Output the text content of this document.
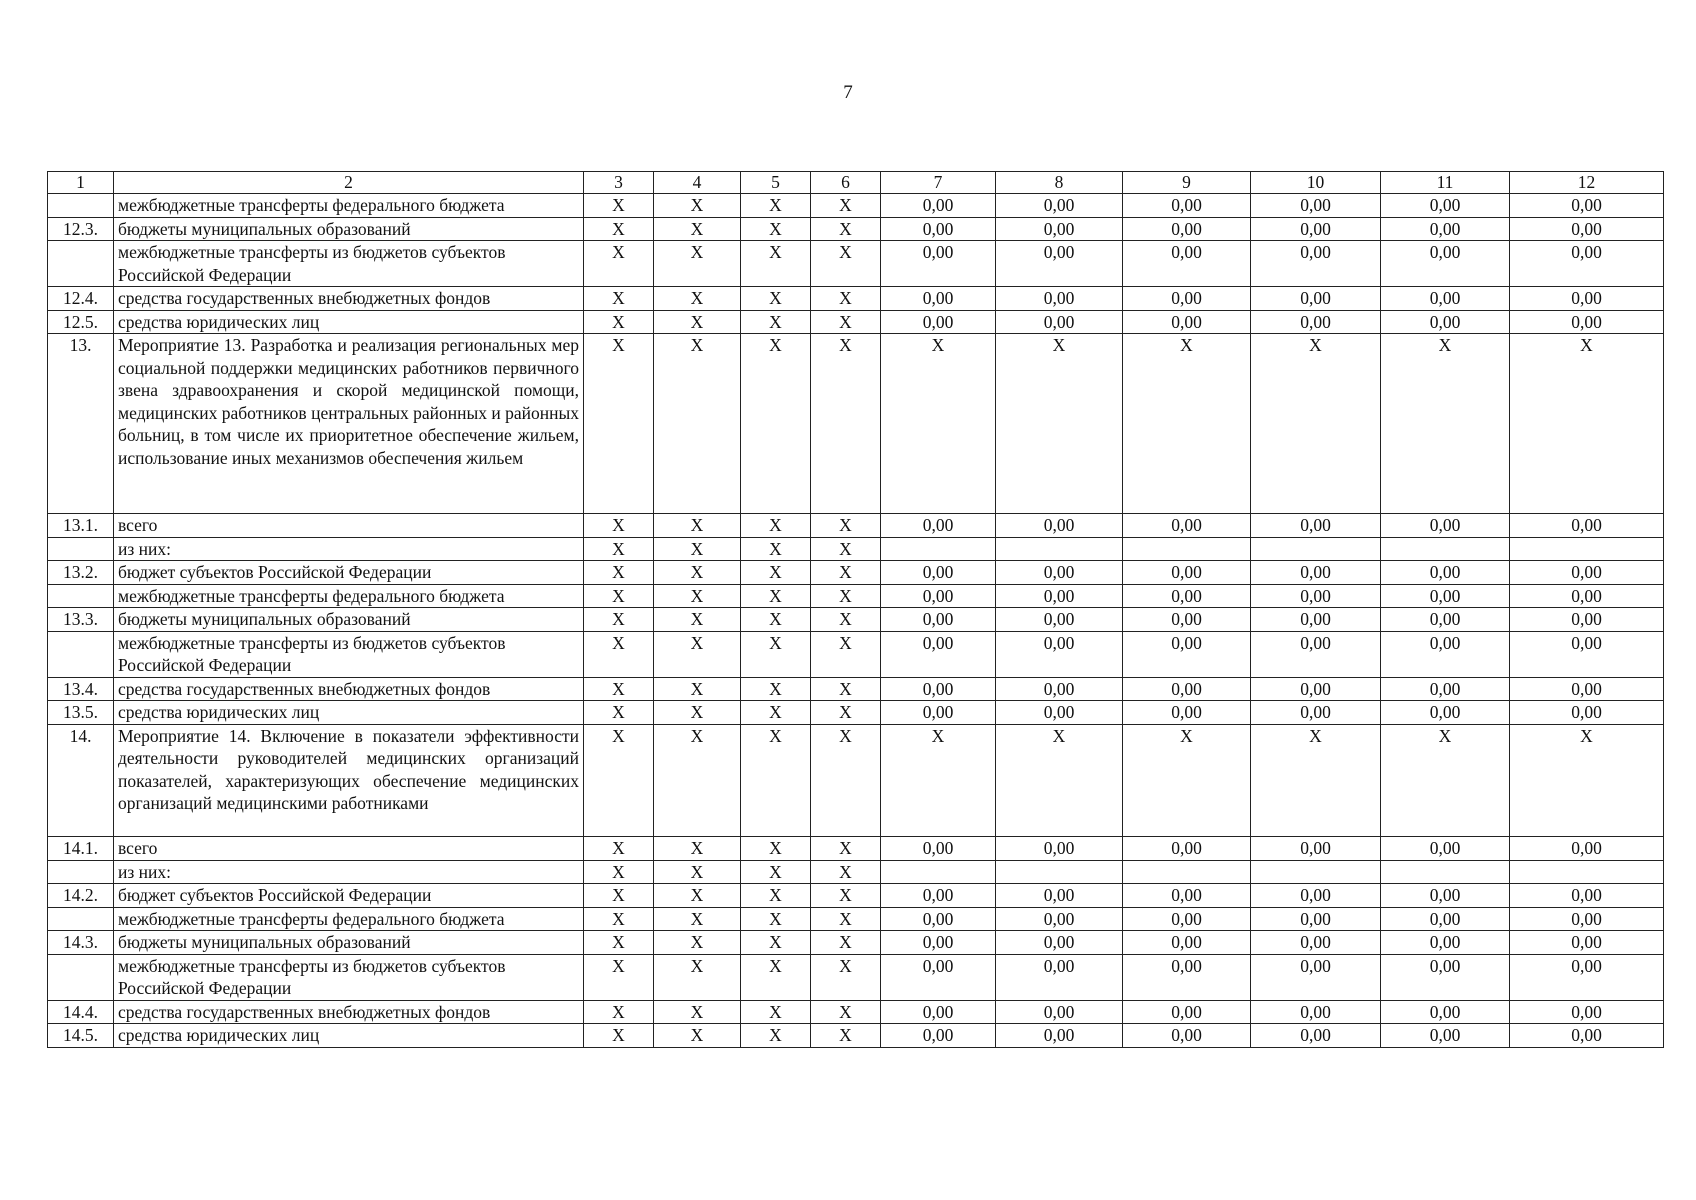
7
1	2	3	4	5	6	7	8	9	10	11	12
	межбюджетные трансферты федерального бюджета	X	X	X	X	0,00	0,00	0,00	0,00	0,00	0,00
12.3.	бюджеты муниципальных образований	X	X	X	X	0,00	0,00	0,00	0,00	0,00	0,00
	межбюджетные трансферты из бюджетов субъектов Российской Федерации	X	X	X	X	0,00	0,00	0,00	0,00	0,00	0,00
12.4.	средства государственных внебюджетных фондов	X	X	X	X	0,00	0,00	0,00	0,00	0,00	0,00
12.5.	средства юридических лиц	X	X	X	X	0,00	0,00	0,00	0,00	0,00	0,00
13.	Мероприятие 13. Разработка и реализация региональных мер социальной поддержки медицинских работников первичного звена здравоохранения и скорой медицинской помощи, медицинских работников центральных районных и районных больниц, в том числе их приоритетное обеспечение жильем, использование иных механизмов обеспечения жильем	X	X	X	X	X	X	X	X	X	X
13.1.	всего	X	X	X	X	0,00	0,00	0,00	0,00	0,00	0,00
	из них:	X	X	X	X						
13.2.	бюджет субъектов Российской Федерации	X	X	X	X	0,00	0,00	0,00	0,00	0,00	0,00
	межбюджетные трансферты федерального бюджета	X	X	X	X	0,00	0,00	0,00	0,00	0,00	0,00
13.3.	бюджеты муниципальных образований	X	X	X	X	0,00	0,00	0,00	0,00	0,00	0,00
	межбюджетные трансферты из бюджетов субъектов Российской Федерации	X	X	X	X	0,00	0,00	0,00	0,00	0,00	0,00
13.4.	средства государственных внебюджетных фондов	X	X	X	X	0,00	0,00	0,00	0,00	0,00	0,00
13.5.	средства юридических лиц	X	X	X	X	0,00	0,00	0,00	0,00	0,00	0,00
14.	Мероприятие 14. Включение в показатели эффективности деятельности руководителей медицинских организаций показателей, характеризующих обеспечение медицинских организаций медицинскими работниками	X	X	X	X	X	X	X	X	X	X
14.1.	всего	X	X	X	X	0,00	0,00	0,00	0,00	0,00	0,00
	из них:	X	X	X	X						
14.2.	бюджет субъектов Российской Федерации	X	X	X	X	0,00	0,00	0,00	0,00	0,00	0,00
	межбюджетные трансферты федерального бюджета	X	X	X	X	0,00	0,00	0,00	0,00	0,00	0,00
14.3.	бюджеты муниципальных образований	X	X	X	X	0,00	0,00	0,00	0,00	0,00	0,00
	межбюджетные трансферты из бюджетов субъектов Российской Федерации	X	X	X	X	0,00	0,00	0,00	0,00	0,00	0,00
14.4.	средства государственных внебюджетных фондов	X	X	X	X	0,00	0,00	0,00	0,00	0,00	0,00
14.5.	средства юридических лиц	X	X	X	X	0,00	0,00	0,00	0,00	0,00	0,00
